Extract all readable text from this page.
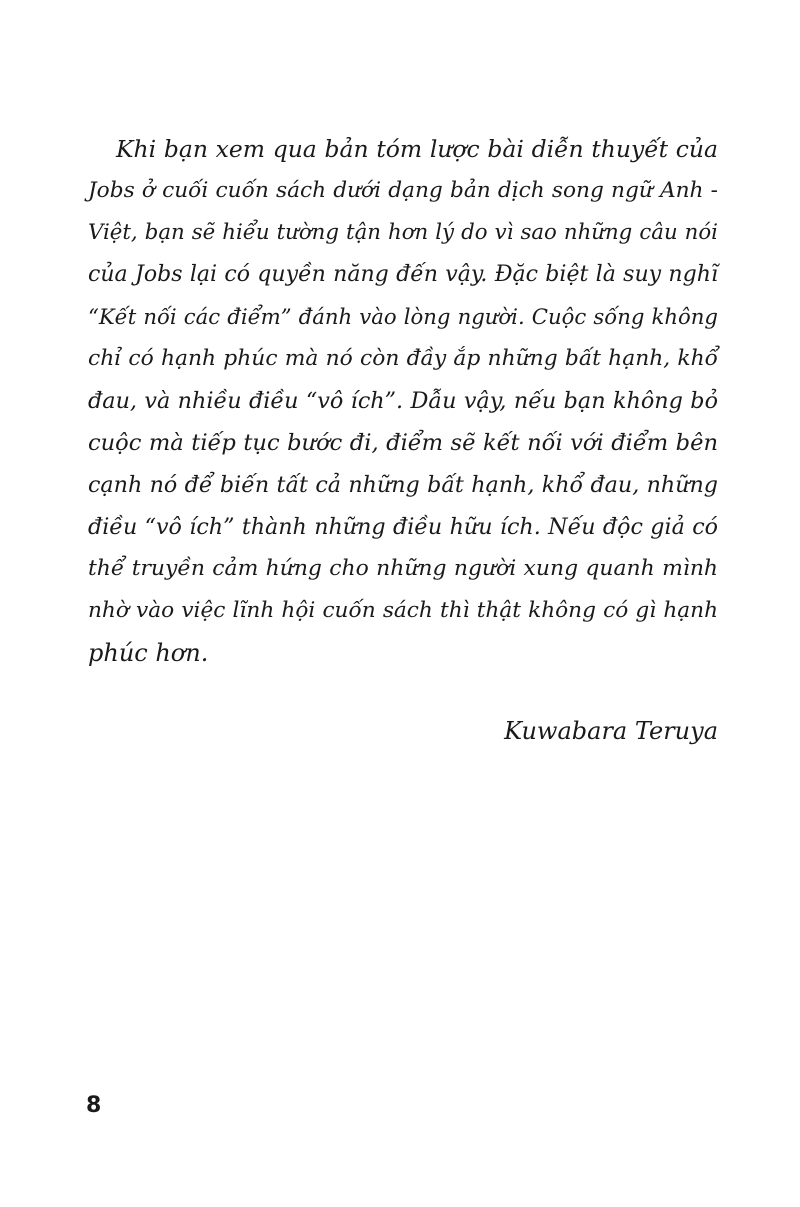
Khi bạn xem qua bản tóm lược bài diễn thuyết của
Jobs ở cuối cuốn sách dưới dạng bản dịch song ngữ Anh -
Việt, bạn sẽ hiểu tường tận hơn lý do vì sao những câu nói
của Jobs lại có quyền năng đến vậy. Đặc biệt là suy nghĩ
“Kết nối các điểm” đánh vào lòng người. Cuộc sống không
chỉ có hạnh phúc mà nó còn đầy ắp những bất hạnh, khổ
đau, và nhiều điều “vô ích”. Dẫu vậy, nếu bạn không bỏ
cuộc mà tiếp tục bước đi, điểm sẽ kết nối với điểm bên
cạnh nó để biến tất cả những bất hạnh, khổ đau, những
điều “vô ích” thành những điều hữu ích. Nếu độc giả có
thể truyền cảm hứng cho những người xung quanh mình
nhờ vào việc lĩnh hội cuốn sách thì thật không có gì hạnh
phúc hơn.

Kuwabara Teruya

8
